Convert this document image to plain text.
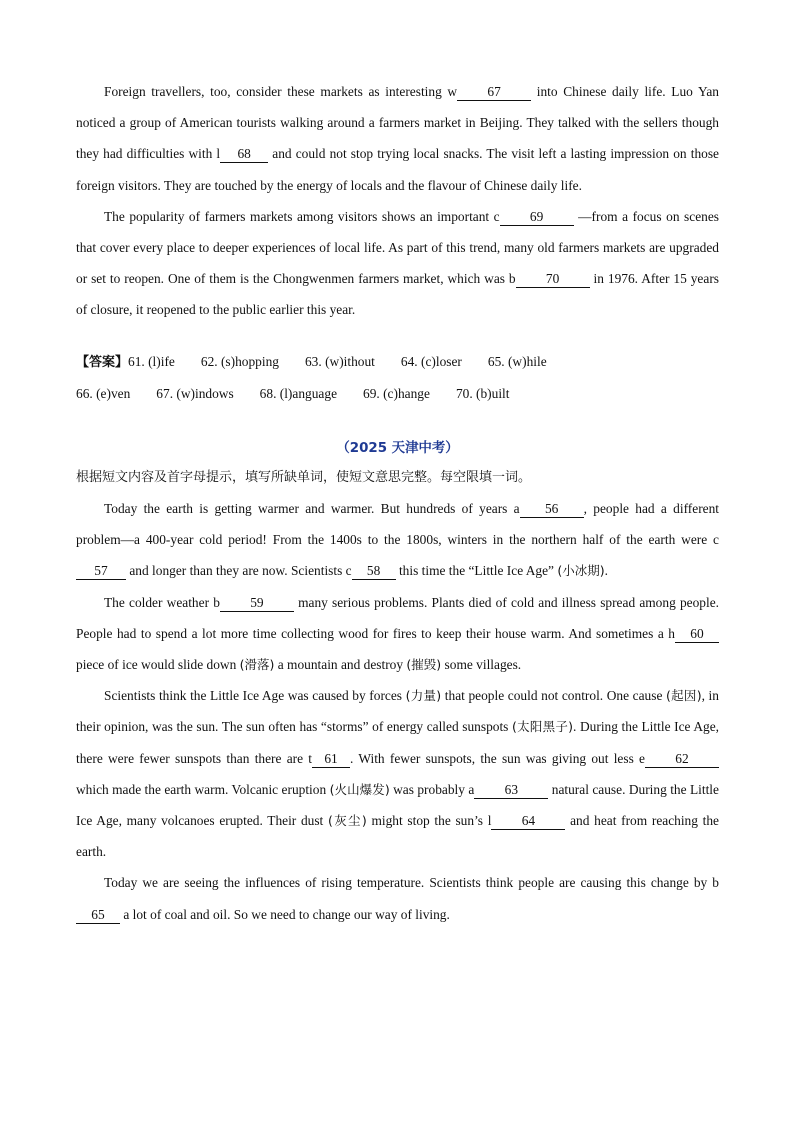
Foreign travellers, too, consider these markets as interesting w 67 into Chinese daily life. Luo Yan noticed a group of American tourists walking around a farmers market in Beijing. They talked with the sellers though they had difficulties with l 68 and could not stop trying local snacks. The visit left a lasting impression on those foreign visitors. They are touched by the energy of locals and the flavour of Chinese daily life.

The popularity of farmers markets among visitors shows an important c 69 —from a focus on scenes that cover every place to deeper experiences of local life. As part of this trend, many old farmers markets are upgraded or set to reopen. One of them is the Chongwenmen farmers market, which was b 70 in 1976. After 15 years of closure, it reopened to the public earlier this year.

【答案】61. (l)ife 62. (s)hopping 63. (w)ithout 64. (c)loser 65. (w)hile
66. (e)ven 67. (w)indows 68. (l)anguage 69. (c)hange 70. (b)uilt
（2025 天津中考）

根据短文内容及首字母提示，填写所缺单词，使短文意思完整。每空限填一词。

Today the earth is getting warmer and warmer. But hundreds of years a 56 , people had a different problem—a 400-year cold period! From the 1400s to the 1800s, winters in the northern half of the earth were c57 and longer than they are now. Scientists c 58 this time the “Little Ice Age” (小冰期).

The colder weather b 59 many serious problems. Plants died of cold and illness spread among people. People had to spend a lot more time collecting wood for fires to keep their house warm. And sometimes a h 60 piece of ice would slide down (滑落) a mountain and destroy (摧毁) some villages.

Scientists think the Little Ice Age was caused by forces (力量) that people could not control. One cause (起因), in their opinion, was the sun. The sun often has “storms” of energy called sunspots (太阳黑子). During the Little Ice Age, there were fewer sunspots than there are t 61 . With fewer sunspots, the sun was giving out less e 62 which made the earth warm. Volcanic eruption (火山爆发) was probably a 63 natural cause. During the Little Ice Age, many volcanoes erupted. Their dust (灰尘) might stop the sun’s l 64 and heat from reaching the earth.

Today we are seeing the influences of rising temperature. Scientists think people are causing this change by b65 a lot of coal and oil. So we need to change our way of living.
